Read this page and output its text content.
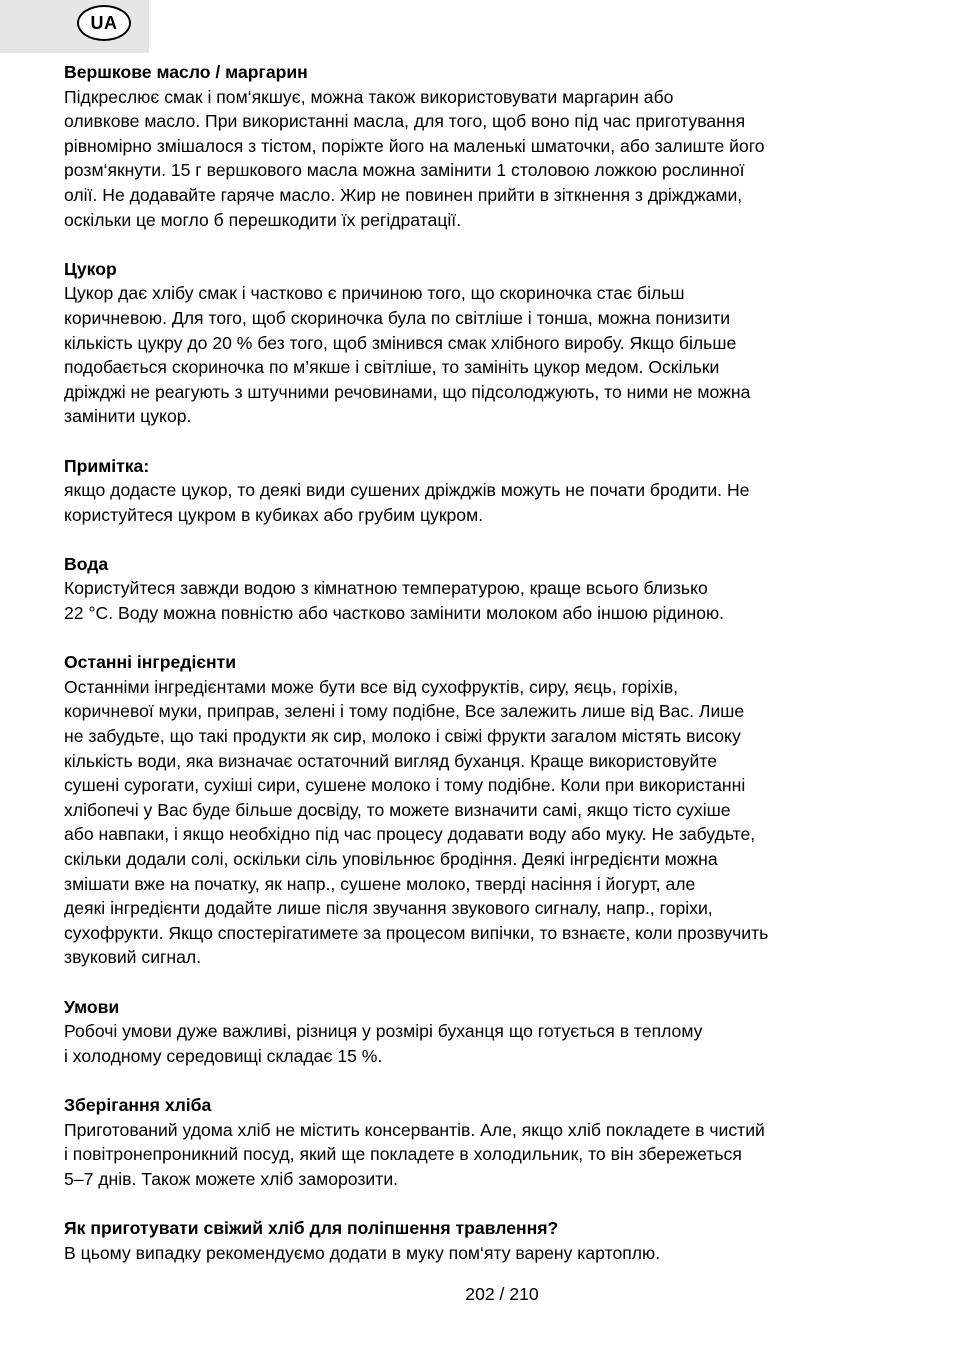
UA
Вершкове масло / маргарин
Підкреслює смак і пом‘якшує, можна також використовувати маргарин або
оливкове масло. При використанні масла, для того, щоб воно під час приготування
рівномірно змішалося з тістом, поріжте його на маленькі шматочки, або залиште його
розм‘якнути. 15 г вершкового масла можна замінити 1 столовою ложкою рослинної
олії. Не додавайте гаряче масло. Жир не повинен прийти в зіткнення з дріжджами,
оскільки це могло б перешкодити їх регідратації.
Цукор
Цукор дає хлібу смак і частково є причиною того, що скориночка стає більш
коричневою. Для того, щоб скориночка була по світліше і тонша, можна понизити
кількість цукру до 20 % без того, щоб змінився смак хлібного виробу. Якщо більше
подобається скориночка по м’якше і світліше, то замініть цукор медом. Оскільки
дріжджі не реагують з штучними речовинами, що підсолоджують, то ними не можна
замінити цукор.
Примітка:
якщо додасте цукор, то деякі види сушених дріжджів можуть не почати бродити. Не
користуйтеся цукром в кубиках або грубим цукром.
Вода
Користуйтеся завжди водою з кімнатною температурою, краще всього близько
22 °C. Воду можна повністю або частково замінити молоком або іншою рідиною.
Останні інгредієнти
Останніми інгредієнтами може бути все від сухофруктів, сиру, яєць, горіхів,
коричневої муки, приправ, зелені і тому подібне, Все залежить лише від Вас. Лише
не забудьте, що такі продукти як сир, молоко і свіжі фрукти загалом містять високу
кількість води, яка визначає остаточний вигляд буханця. Краще використовуйте
сушені сурогати, сухіші сири, сушене молоко і тому подібне. Коли при використанні
хлібопечі у Вас буде більше досвіду, то можете визначити самі, якщо тісто сухіше
або навпаки, і якщо необхідно під час процесу додавати воду або муку. Не забудьте,
скільки додали солі, оскільки сіль уповільнює бродіння. Деякі інгредієнти можна
змішати вже на початку, як напр., сушене молоко, тверді насіння і йогурт, але
деякі інгредієнти додайте лише після звучання звукового сигналу, напр., горіхи,
сухофрукти. Якщо спостерігатимете за процесом випічки, то взнаєте, коли прозвучить
звуковий сигнал.
Умови
Робочі умови дуже важливі, різниця у розмірі буханця що готується в теплому
і холодному середовищі складає 15 %.
Зберігання хліба
Приготований удома хліб не містить консервантів. Але, якщо хліб покладете в чистий
і повітронепроникний посуд, який ще покладете в холодильник, то він збережеться
5–7 днів. Також можете хліб заморозити.
Як приготувати свіжий хліб для поліпшення травлення?
В цьому випадку рекомендуємо додати в муку пом‘яту варену картоплю.
202 / 210
